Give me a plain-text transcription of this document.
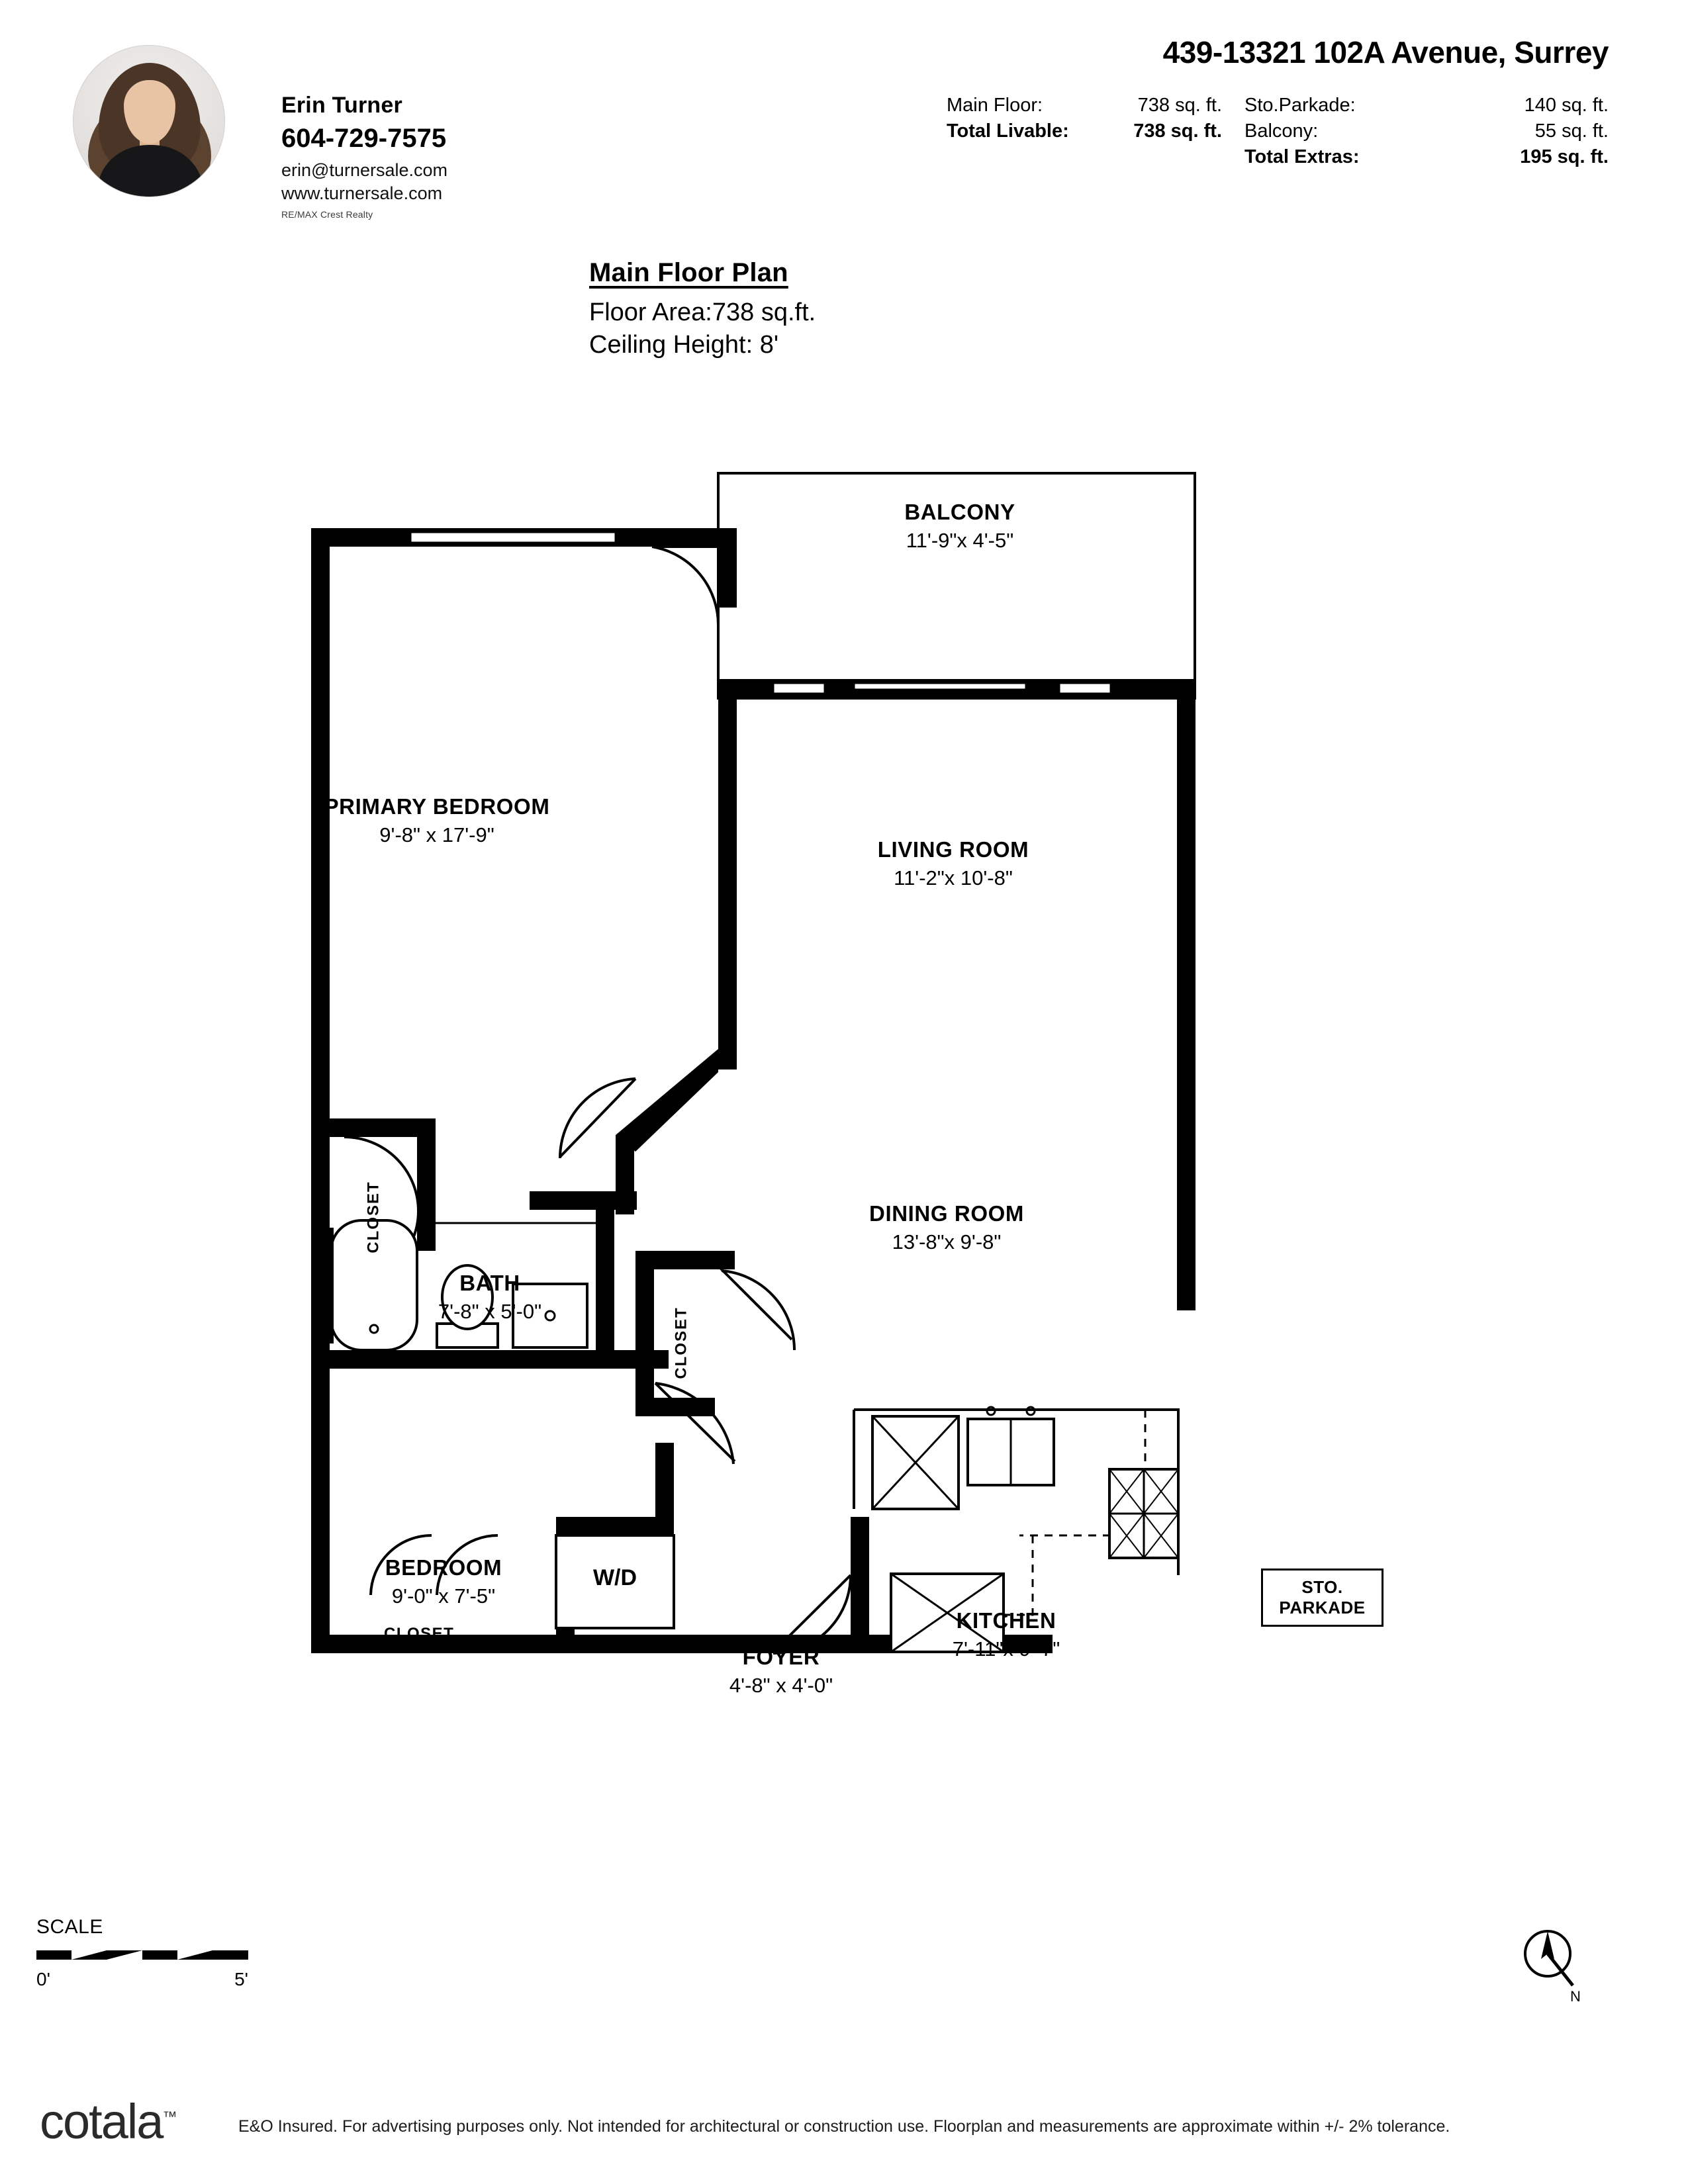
Erin Turner
604-729-7575
erin@turnersale.com
www.turnersale.com
RE/MAX Crest Realty
439-13321 102A Avenue, Surrey
Main Floor:	738 sq. ft.	Sto.Parkade:	140 sq. ft.
Total Livable:	738 sq. ft.	Balcony:	55 sq. ft.
		Total Extras:	195 sq. ft.
Main Floor Plan
Floor Area:738 sq.ft.
Ceiling Height: 8'
BALCONY
11'-9"x 4'-5"
PRIMARY BEDROOM
9'-8" x 17'-9"
LIVING ROOM
11'-2"x 10'-8"
DINING ROOM
13'-8"x 9'-8"
BATH
7'-8" x 5'-0"
BEDROOM
9'-0" x 7'-5"
KITCHEN
7'-11"x 9'-7"
FOYER
4'-8" x 4'-0"
CLOSET
CLOSET
CLOSET
W/D	STO.
PARKADE
SCALE
0'	5'
N
cotala™
E&O Insured. For advertising purposes only. Not intended for architectural or construction use. Floorplan and measurements are approximate within +/- 2% tolerance.
